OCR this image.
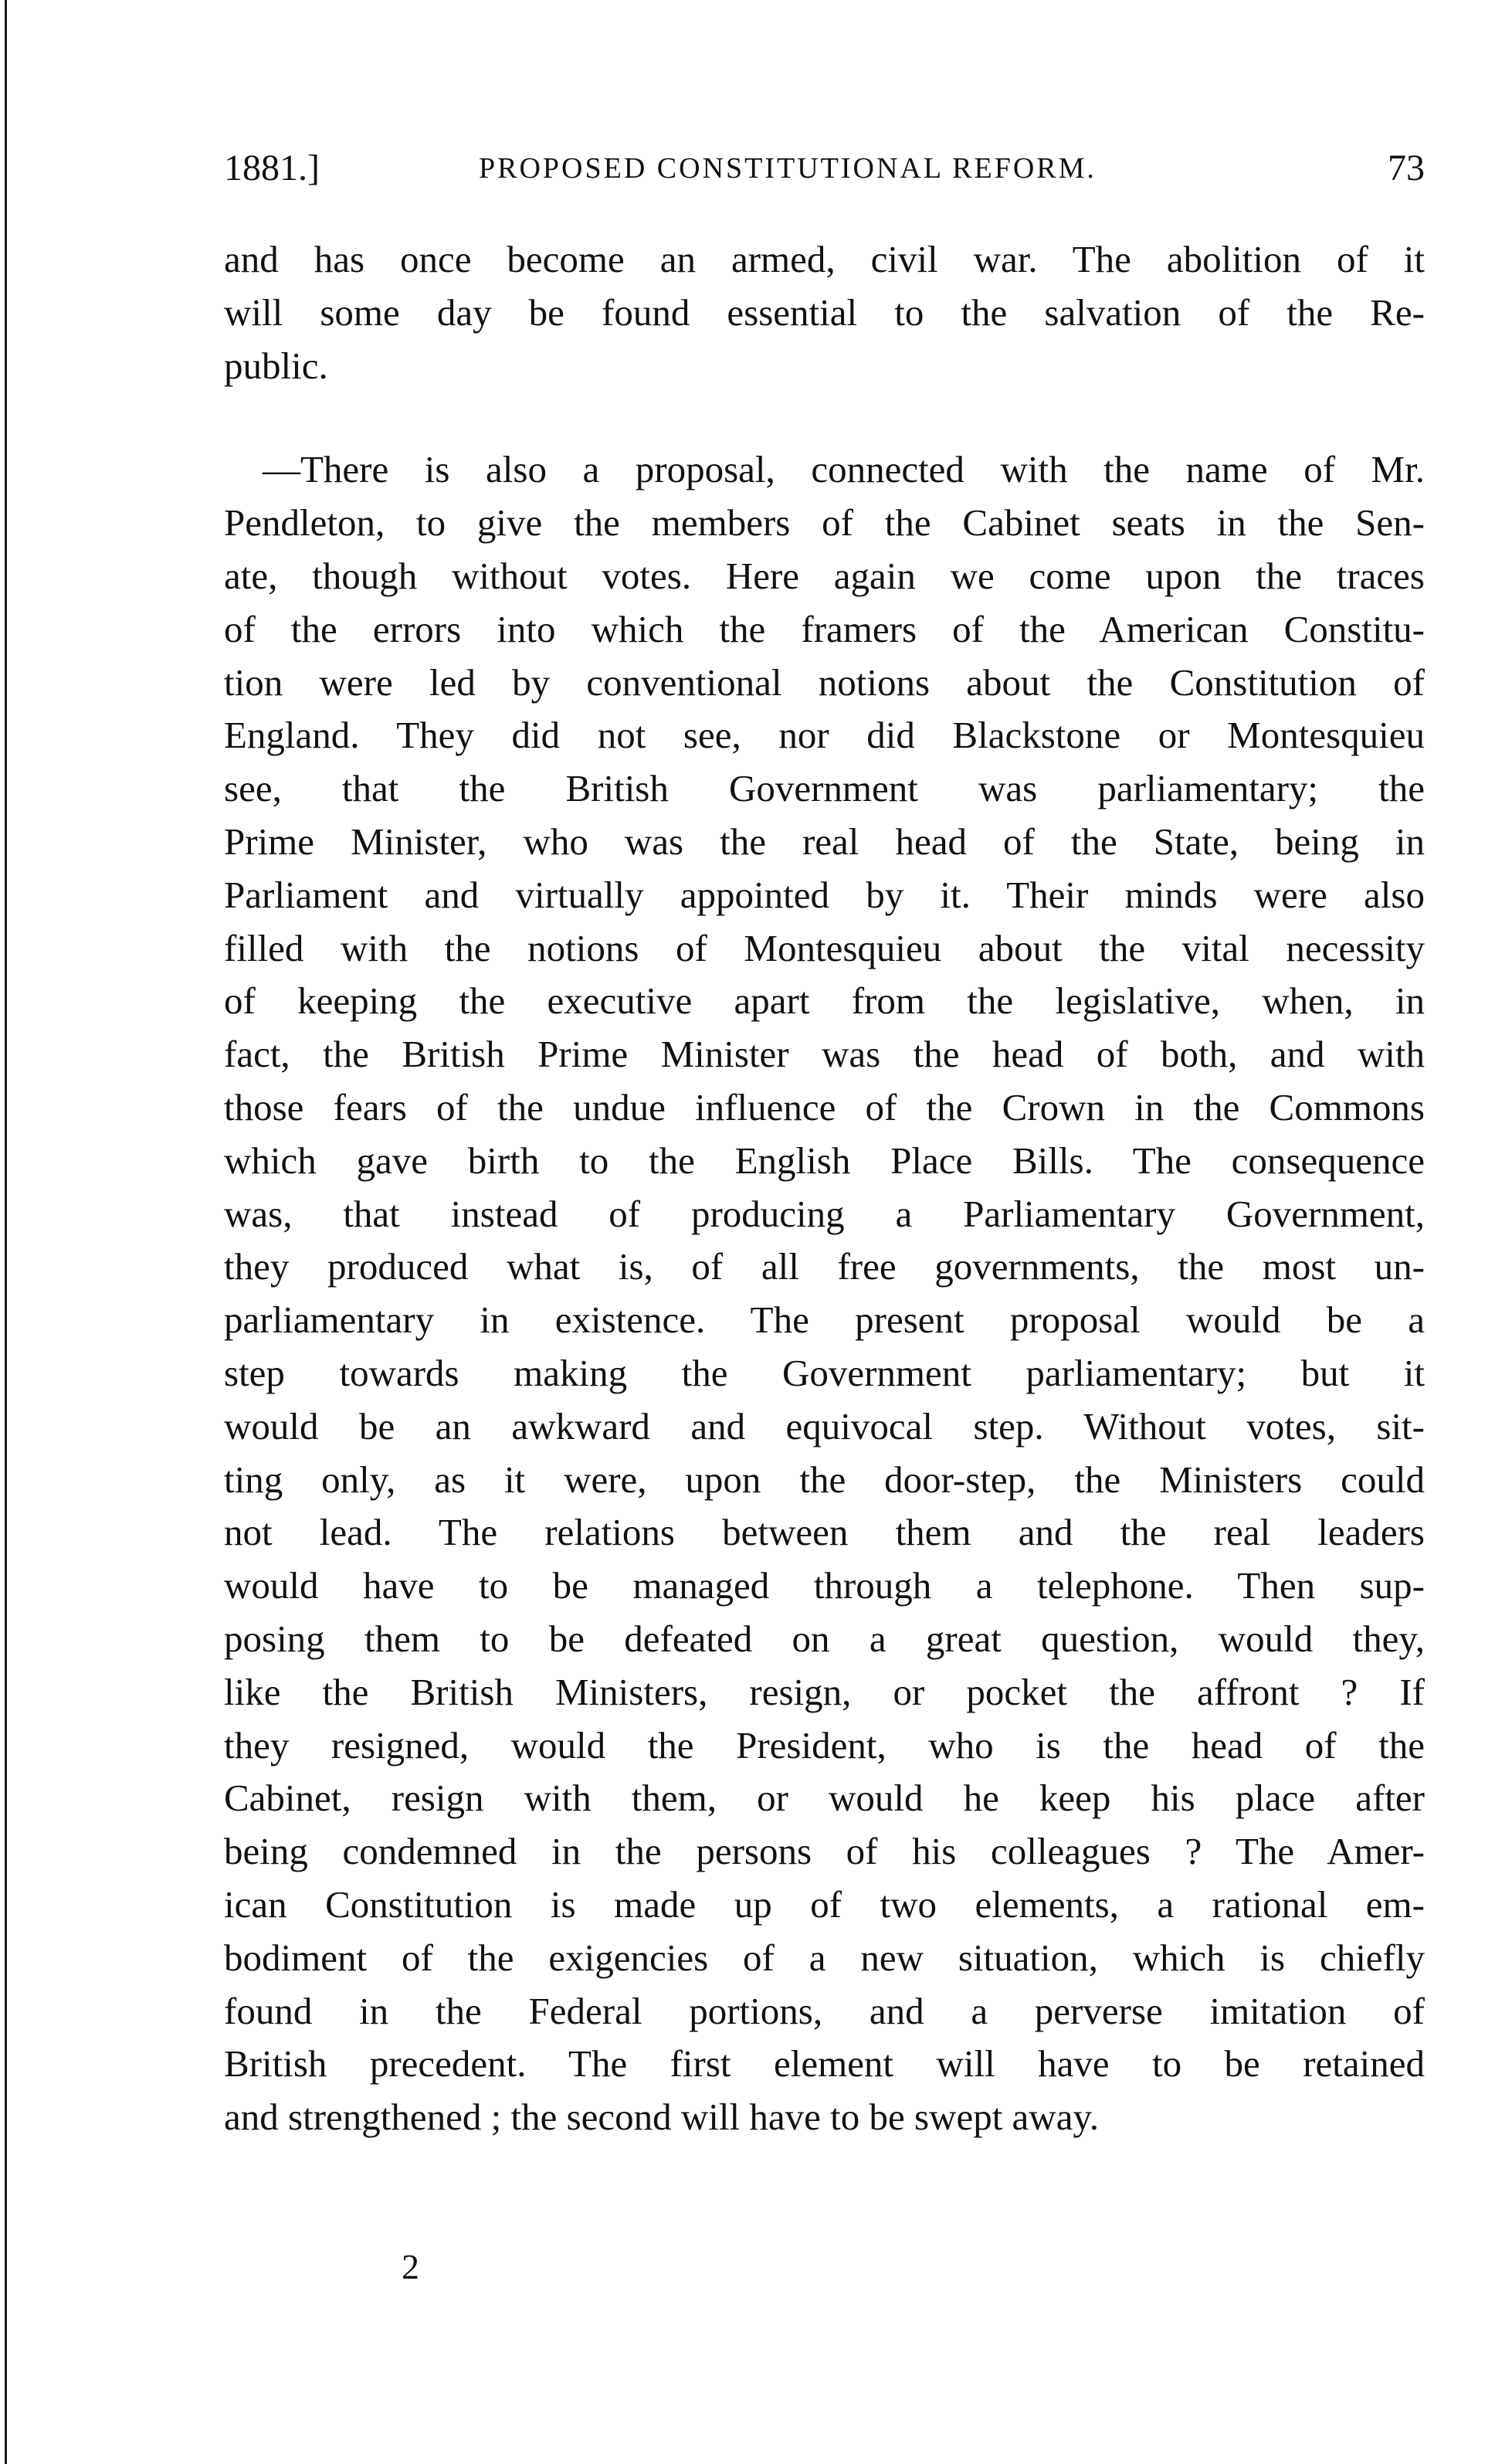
1881.]	PROPOSED CONSTITUTIONAL REFORM.	73
and has once become an armed, civil war. The abolition of it
will some day be found essential to the salvation of the Re-
public.
—There is also a proposal, connected with the name of Mr.
Pendleton, to give the members of the Cabinet seats in the Sen-
ate, though without votes. Here again we come upon the traces
of the errors into which the framers of the American Constitu-
tion were led by conventional notions about the Constitution of
England. They did not see, nor did Blackstone or Montesquieu
see, that the British Government was parliamentary; the
Prime Minister, who was the real head of the State, being in
Parliament and virtually appointed by it. Their minds were also
filled with the notions of Montesquieu about the vital necessity
of keeping the executive apart from the legislative, when, in
fact, the British Prime Minister was the head of both, and with
those fears of the undue influence of the Crown in the Commons
which gave birth to the English Place Bills. The consequence
was, that instead of producing a Parliamentary Government,
they produced what is, of all free governments, the most un-
parliamentary in existence. The present proposal would be a
step towards making the Government parliamentary; but it
would be an awkward and equivocal step. Without votes, sit-
ting only, as it were, upon the door-step, the Ministers could
not lead. The relations between them and the real leaders
would have to be managed through a telephone. Then sup-
posing them to be defeated on a great question, would they,
like the British Ministers, resign, or pocket the affront ? If
they resigned, would the President, who is the head of the
Cabinet, resign with them, or would he keep his place after
being condemned in the persons of his colleagues ? The Amer-
ican Constitution is made up of two elements, a rational em-
bodiment of the exigencies of a new situation, which is chiefly
found in the Federal portions, and a perverse imitation of
British precedent. The first element will have to be retained
and strengthened ; the second will have to be swept away.
2
